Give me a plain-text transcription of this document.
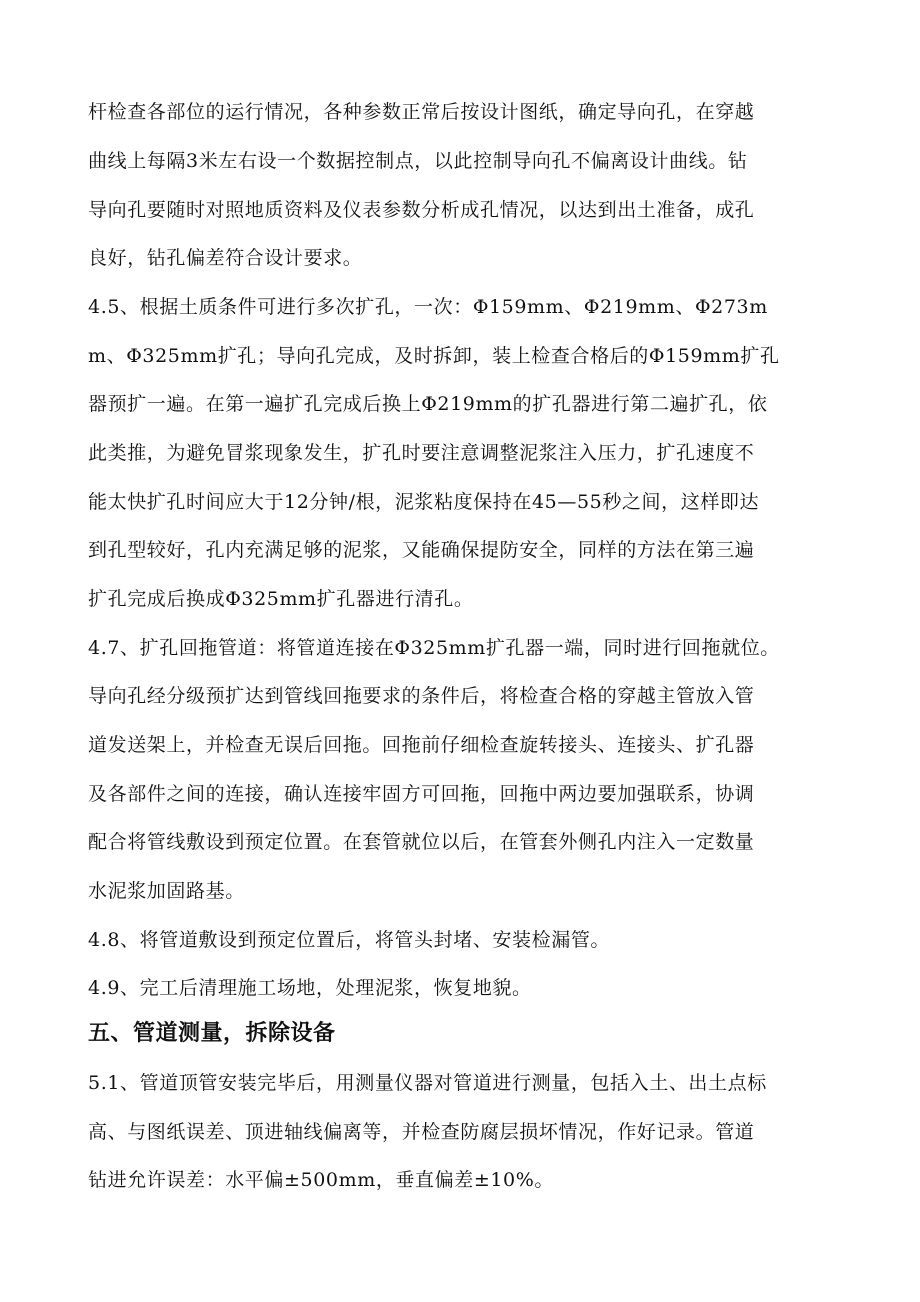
杆检查各部位的运行情况，各种参数正常后按设计图纸，确定导向孔，在穿越
曲线上每隔3米左右设一个数据控制点，以此控制导向孔不偏离设计曲线。钻
导向孔要随时对照地质资料及仪表参数分析成孔情况，以达到出土准备，成孔
良好，钻孔偏差符合设计要求。
4.5、根据土质条件可进行多次扩孔，一次：Φ159mm、Φ219mm、Φ273m
m、Φ325mm扩孔；导向孔完成，及时拆卸，装上检查合格后的Φ159mm扩孔
器预扩一遍。在第一遍扩孔完成后换上Φ219mm的扩孔器进行第二遍扩孔，依
此类推，为避免冒浆现象发生，扩孔时要注意调整泥浆注入压力，扩孔速度不
能太快扩孔时间应大于12分钟/根，泥浆粘度保持在45—55秒之间，这样即达
到孔型较好，孔内充满足够的泥浆，又能确保提防安全，同样的方法在第三遍
扩孔完成后换成Φ325mm扩孔器进行清孔。
4.7、扩孔回拖管道：将管道连接在Φ325mm扩孔器一端，同时进行回拖就位。
导向孔经分级预扩达到管线回拖要求的条件后，将检查合格的穿越主管放入管
道发送架上，并检查无误后回拖。回拖前仔细检查旋转接头、连接头、扩孔器
及各部件之间的连接，确认连接牢固方可回拖，回拖中两边要加强联系，协调
配合将管线敷设到预定位置。在套管就位以后，在管套外侧孔内注入一定数量
水泥浆加固路基。
4.8、将管道敷设到预定位置后，将管头封堵、安装检漏管。
4.9、完工后清理施工场地，处理泥浆，恢复地貌。
五、管道测量，拆除设备
5.1、管道顶管安装完毕后，用测量仪器对管道进行测量，包括入土、出土点标
高、与图纸误差、顶进轴线偏离等，并检查防腐层损坏情况，作好记录。管道
钻进允许误差：水平偏±500mm，垂直偏差±10%。
